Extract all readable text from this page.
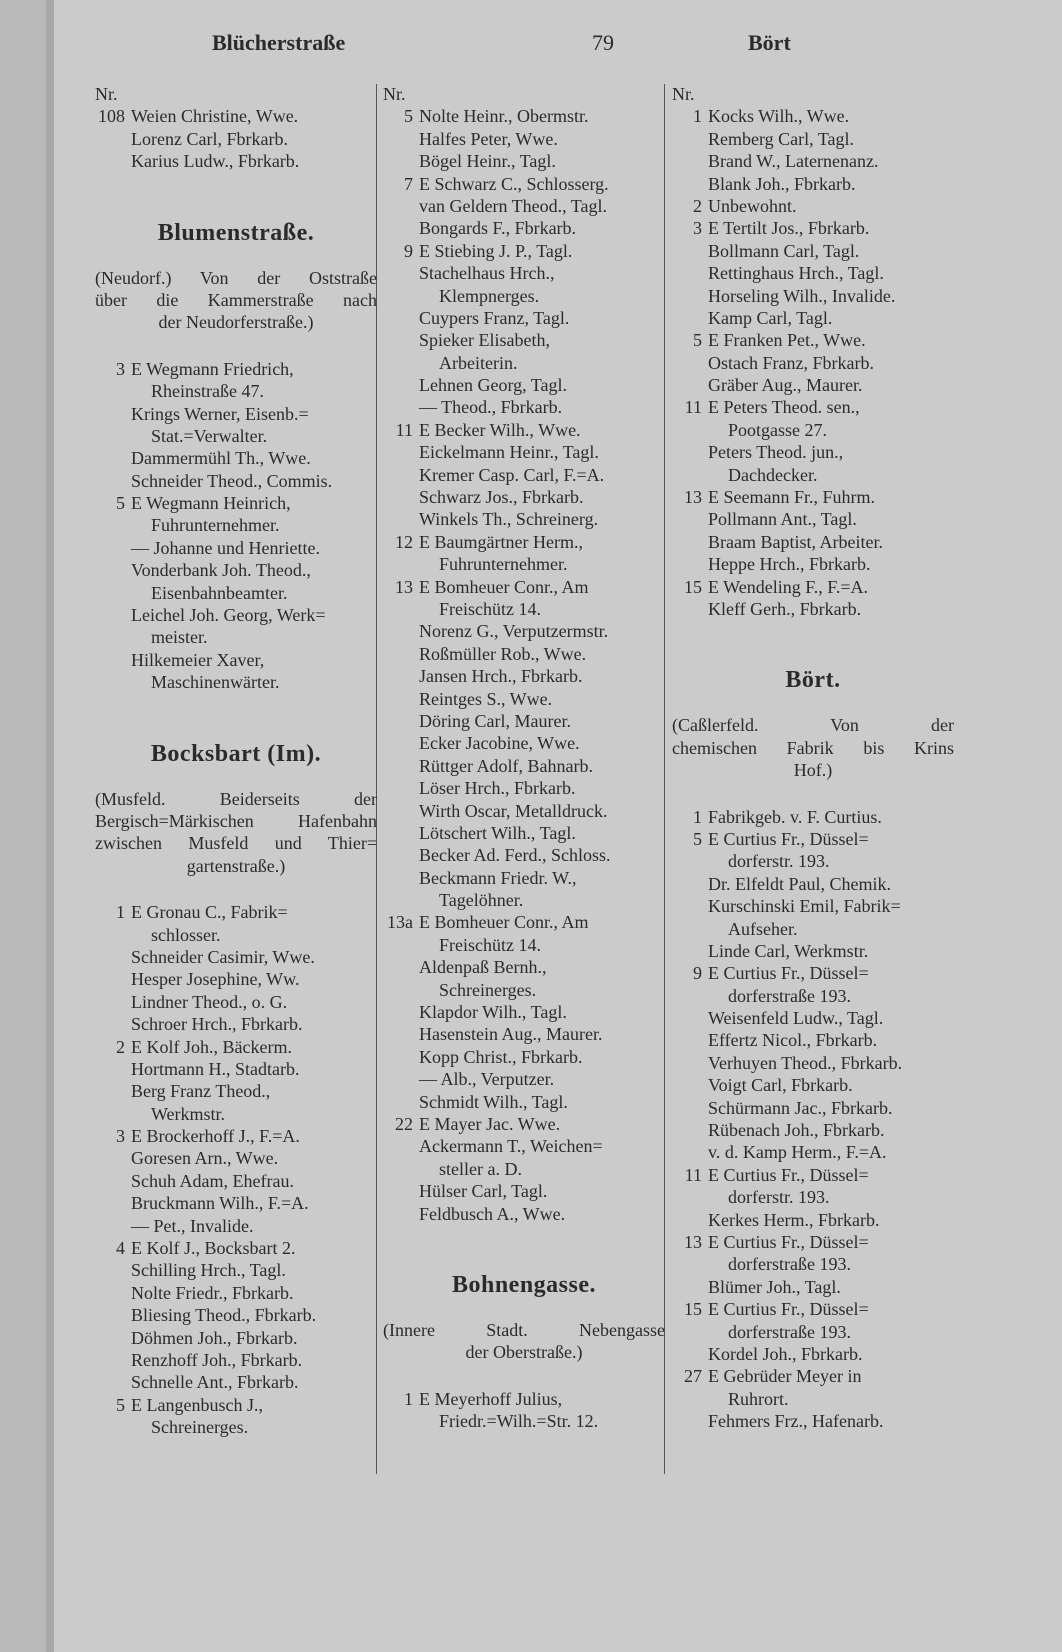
Blücherstraße	79	Bört
Nr.
108 Weien Christine, Wwe.
Lorenz Carl, Fbrkarb.
Karius Ludw., Fbrkarb.
Blumenstraße.
(Neudorf.) Von der Oststraße
über die Kammerstraße nach
der Neudorferstraße.)
3 E Wegmann Friedrich,
Rheinstraße 47.
Krings Werner, Eisenb.=
Stat.=Verwalter.
Dammermühl Th., Wwe.
Schneider Theod., Commis.
5 E Wegmann Heinrich,
Fuhrunternehmer.
— Johanne und Henriette.
Vonderbank Joh. Theod.,
Eisenbahnbeamter.
Leichel Joh. Georg, Werk=
meister.
Hilkemeier Xaver,
Maschinenwärter.
Bocksbart (Im).
(Musfeld. Beiderseits der
Bergisch=Märkischen Hafenbahn
zwischen Musfeld und Thier=
gartenstraße.)
1 E Gronau C., Fabrik=
schlosser.
Schneider Casimir, Wwe.
Hesper Josephine, Ww.
Lindner Theod., o. G.
Schroer Hrch., Fbrkarb.
2 E Kolf Joh., Bäckerm.
Hortmann H., Stadtarb.
Berg Franz Theod.,
Werkmstr.
3 E Brockerhoff J., F.=A.
Goresen Arn., Wwe.
Schuh Adam, Ehefrau.
Bruckmann Wilh., F.=A.
— Pet., Invalide.
4 E Kolf J., Bocksbart 2.
Schilling Hrch., Tagl.
Nolte Friedr., Fbrkarb.
Bliesing Theod., Fbrkarb.
Döhmen Joh., Fbrkarb.
Renzhoff Joh., Fbrkarb.
Schnelle Ant., Fbrkarb.
5 E Langenbusch J.,
Schreinerges.
Nr.
5 Nolte Heinr., Obermstr.
Halfes Peter, Wwe.
Bögel Heinr., Tagl.
7 E Schwarz C., Schlosserg.
van Geldern Theod., Tagl.
Bongards F., Fbrkarb.
9 E Stiebing J. P., Tagl.
Stachelhaus Hrch.,
Klempnerges.
Cuypers Franz, Tagl.
Spieker Elisabeth,
Arbeiterin.
Lehnen Georg, Tagl.
— Theod., Fbrkarb.
11 E Becker Wilh., Wwe.
Eickelmann Heinr., Tagl.
Kremer Casp. Carl, F.=A.
Schwarz Jos., Fbrkarb.
Winkels Th., Schreinerg.
12 E Baumgärtner Herm.,
Fuhrunternehmer.
13 E Bomheuer Conr., Am
Freischütz 14.
Norenz G., Verputzermstr.
Roßmüller Rob., Wwe.
Jansen Hrch., Fbrkarb.
Reintges S., Wwe.
Döring Carl, Maurer.
Ecker Jacobine, Wwe.
Rüttger Adolf, Bahnarb.
Löser Hrch., Fbrkarb.
Wirth Oscar, Metalldruck.
Lötschert Wilh., Tagl.
Becker Ad. Ferd., Schloss.
Beckmann Friedr. W.,
Tagelöhner.
13a E Bomheuer Conr., Am
Freischütz 14.
Aldenpaß Bernh.,
Schreinerges.
Klapdor Wilh., Tagl.
Hasenstein Aug., Maurer.
Kopp Christ., Fbrkarb.
— Alb., Verputzer.
Schmidt Wilh., Tagl.
22 E Mayer Jac. Wwe.
Ackermann T., Weichen=
steller a. D.
Hülser Carl, Tagl.
Feldbusch A., Wwe.
Bohnengasse.
(Innere Stadt. Nebengasse
der Oberstraße.)
1 E Meyerhoff Julius,
Friedr.=Wilh.=Str. 12.
Nr.
1 Kocks Wilh., Wwe.
Remberg Carl, Tagl.
Brand W., Laternenanz.
Blank Joh., Fbrkarb.
2 Unbewohnt.
3 E Tertilt Jos., Fbrkarb.
Bollmann Carl, Tagl.
Rettinghaus Hrch., Tagl.
Horseling Wilh., Invalide.
Kamp Carl, Tagl.
5 E Franken Pet., Wwe.
Ostach Franz, Fbrkarb.
Gräber Aug., Maurer.
11 E Peters Theod. sen.,
Pootgasse 27.
Peters Theod. jun.,
Dachdecker.
13 E Seemann Fr., Fuhrm.
Pollmann Ant., Tagl.
Braam Baptist, Arbeiter.
Heppe Hrch., Fbrkarb.
15 E Wendeling F., F.=A.
Kleff Gerh., Fbrkarb.
Bört.
(Caßlerfeld. Von der
chemischen Fabrik bis Krins
Hof.)
1 Fabrikgeb. v. F. Curtius.
5 E Curtius Fr., Düssel=
dorferstr. 193.
Dr. Elfeldt Paul, Chemik.
Kurschinski Emil, Fabrik=
Aufseher.
Linde Carl, Werkmstr.
9 E Curtius Fr., Düssel=
dorferstraße 193.
Weisenfeld Ludw., Tagl.
Effertz Nicol., Fbrkarb.
Verhuyen Theod., Fbrkarb.
Voigt Carl, Fbrkarb.
Schürmann Jac., Fbrkarb.
Rübenach Joh., Fbrkarb.
v. d. Kamp Herm., F.=A.
11 E Curtius Fr., Düssel=
dorferstr. 193.
Kerkes Herm., Fbrkarb.
13 E Curtius Fr., Düssel=
dorferstraße 193.
Blümer Joh., Tagl.
15 E Curtius Fr., Düssel=
dorferstraße 193.
Kordel Joh., Fbrkarb.
27 E Gebrüder Meyer in
Ruhrort.
Fehmers Frz., Hafenarb.
